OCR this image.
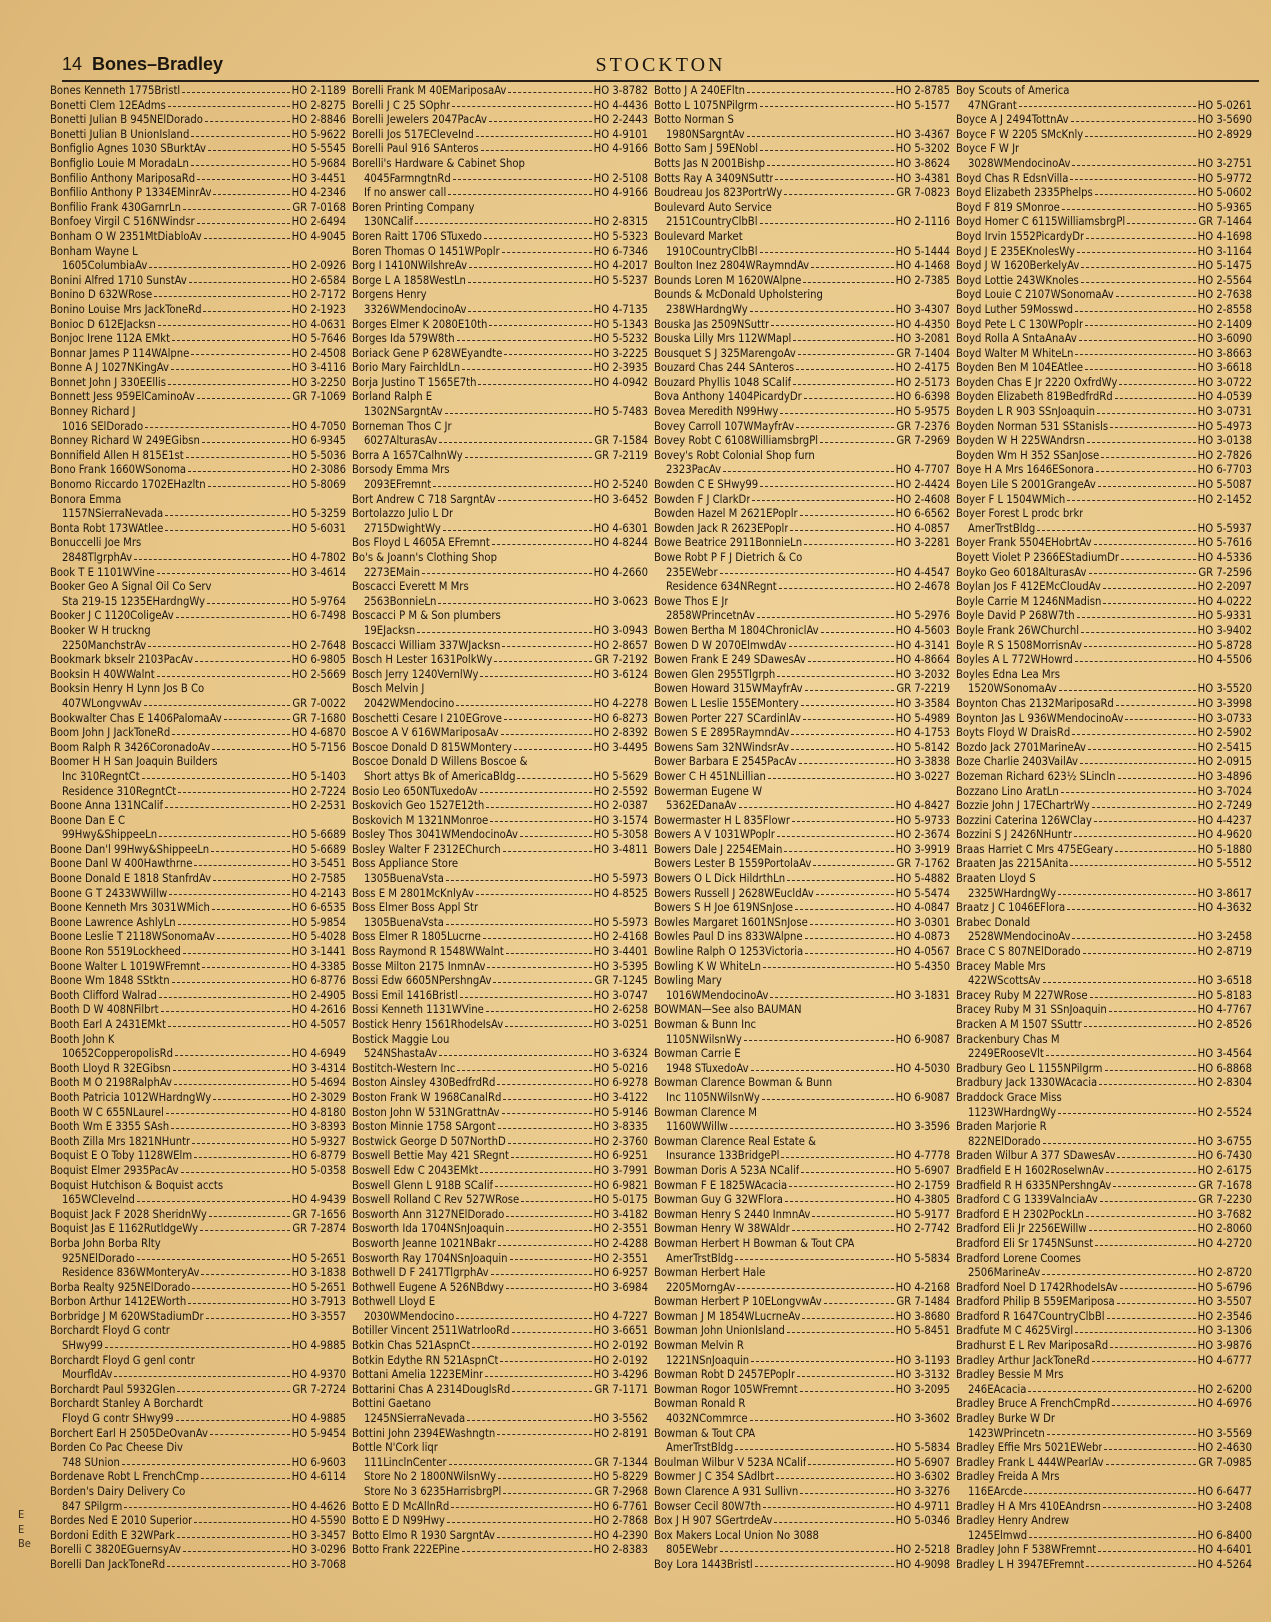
14 Bones–Bradley	STOCKTON
Bones Kenneth 1775Bristl	HO 2-1189
Bonetti Clem 12EAdms	HO 2-8275
Bonetti Julian B 945NElDorado	HO 2-8846
Bonetti Julian B UnionIsland	HO 5-9622
Bonfiglio Agnes 1030 SBurktAv	HO 5-5545
Bonfiglio Louie M MoradaLn	HO 5-9684
Bonfilio Anthony MariposaRd	HO 3-4451
Bonfilio Anthony P 1334EMinrAv	HO 4-2346
Bonfilio Frank 430GarnrLn	GR 7-0168
Bonfoey Virgil C 516NWindsr	HO 2-6494
Bonham O W 2351MtDiabloAv	HO 4-9045
Bonham Wayne L
1605ColumbiaAv	HO 2-0926
Bonini Alfred 1710 SunstAv	HO 2-6584
Bonino D 632WRose	HO 2-7172
Bonino Louise Mrs JackToneRd	HO 2-1923
Bonioc D 612EJacksn	HO 4-0631
Bonjoc Irene 112A EMkt	HO 5-7646
Bonnar James P 114WAlpne	HO 2-4508
Bonne A J 1027NKingAv	HO 3-4116
Bonnet John J 330EEllis	HO 3-2250
Bonnett Jess 959ElCaminoAv	GR 7-1069
Bonney Richard J
1016 SElDorado	HO 4-7050
Bonney Richard W 249EGibsn	HO 6-9345
Bonnifield Allen H 815E1st	HO 5-5036
Bono Frank 1660WSonoma	HO 2-3086
Bonomo Riccardo 1702EHazltn	HO 5-8069
Bonora Emma
1157NSierraNevada	HO 5-3259
Bonta Robt 173WAtlee	HO 5-6031
Bonuccelli Joe Mrs
2848TlgrphAv	HO 4-7802
Book T E 1101WVine	HO 3-4614
Booker Geo A Signal Oil Co Serv
Sta 219-15 1235EHardngWy	HO 5-9764
Booker J C 1120ColigeAv	HO 6-7498
Booker W H truckng
2250ManchstrAv	HO 2-7648
Bookmark bkselr 2103PacAv	HO 6-9805
Booksin H 40WWalnt	HO 2-5669
Booksin Henry H Lynn Jos B Co
407WLongvwAv	GR 7-0022
Bookwalter Chas E 1406PalomaAv	GR 7-1680
Boom John J JackToneRd	HO 4-6870
Boom Ralph R 3426CoronadoAv	HO 5-7156
Boomer H H San Joaquin Builders
Inc 310RegntCt	HO 5-1403
Residence 310RegntCt	HO 2-7224
Boone Anna 131NCalif	HO 2-2531
Boone Dan E C
99Hwy&ShippeeLn	HO 5-6689
Boone Dan'l 99Hwy&ShippeeLn	HO 5-6689
Boone Danl W 400Hawthrne	HO 3-5451
Boone Donald E 1818 StanfrdAv	HO 2-7585
Boone G T 2433WWillw	HO 4-2143
Boone Kenneth Mrs 3031WMich	HO 6-6535
Boone Lawrence AshlyLn	HO 5-9854
Boone Leslie T 2118WSonomaAv	HO 5-4028
Boone Ron 5519Lockheed	HO 3-1441
Boone Walter L 1019WFremnt	HO 4-3385
Boone Wm 1848 SStktn	HO 6-8776
Booth Clifford Walrad	HO 2-4905
Booth D W 408NFilbrt	HO 4-2616
Booth Earl A 2431EMkt	HO 4-5057
Booth John K
10652CopperopolisRd	HO 4-6949
Booth Lloyd R 32EGibsn	HO 3-4314
Booth M O 2198RalphAv	HO 5-4694
Booth Patricia 1012WHardngWy	HO 2-3029
Booth W C 655NLaurel	HO 4-8180
Booth Wm E 3355 SAsh	HO 3-8393
Booth Zilla Mrs 1821NHuntr	HO 5-9327
Boquist E O Toby 1128WElm	HO 6-8779
Boquist Elmer 2935PacAv	HO 5-0358
Boquist Hutchison & Boquist accts
165WClevelnd	HO 4-9439
Boquist Jack F 2028 SheridnWy	GR 7-1656
Boquist Jas E 1162RutldgeWy	GR 7-2874
Borba John Borba Rlty
925NElDorado	HO 5-2651
Residence 836WMonteryAv	HO 3-1838
Borba Realty 925NElDorado	HO 5-2651
Borbon Arthur 1412EWorth	HO 3-7913
Borbridge J M 620WStadiumDr	HO 3-3557
Borchardt Floyd G contr
SHwy99	HO 4-9885
Borchardt Floyd G genl contr
MourfldAv	HO 4-9370
Borchardt Paul 5932Glen	GR 7-2724
Borchardt Stanley A Borchardt
Floyd G contr SHwy99	HO 4-9885
Borchert Earl H 2505DeOvanAv	HO 5-9454
Borden Co Pac Cheese Div
748 SUnion	HO 6-9603
Bordenave Robt L FrenchCmp	HO 4-6114
Borden's Dairy Delivery Co
847 SPilgrm	HO 4-4626
Bordes Ned E 2010 Superior	HO 4-5590
Bordoni Edith E 32WPark	HO 3-3457
Borelli C 3820EGuernsyAv	HO 3-0296
Borelli Dan JackToneRd	HO 3-7068
Borelli Frank M 40EMariposaAv	HO 3-8782
Borelli J C 25 SOphr	HO 4-4436
Borelli Jewelers 2047PacAv	HO 2-2443
Borelli Jos 517ECleveInd	HO 4-9101
Borelli Paul 916 SAnteros	HO 4-9166
Borelli's Hardware & Cabinet Shop
4045FarmngtnRd	HO 2-5108
If no answer call	HO 4-9166
Boren Printing Company
130NCalif	HO 2-8315
Boren Raitt 1706 STuxedo	HO 5-5323
Boren Thomas O 1451WPoplr	HO 6-7346
Borg I 1410NWilshreAv	HO 4-2017
Borge L A 1858WestLn	HO 5-5237
Borgens Henry
3326WMendocinoAv	HO 4-7135
Borges Elmer K 2080E10th	HO 5-1343
Borges Ida 579W8th	HO 5-5232
Boriack Gene P 628WEyandte	HO 3-2225
Borio Mary FairchldLn	HO 2-3935
Borja Justino T 1565E7th	HO 4-0942
Borland Ralph E
1302NSargntAv	HO 5-7483
Borneman Thos C Jr
6027AlturasAv	GR 7-1584
Borra A 1657CalhnWy	GR 7-2119
Borsody Emma Mrs
2093EFremnt	HO 2-5240
Bort Andrew C 718 SargntAv	HO 3-6452
Bortolazzo Julio L Dr
2715DwightWy	HO 4-6301
Bos Floyd L 4605A EFremnt	HO 4-8244
Bo's & Joann's Clothing Shop
2273EMain	HO 4-2660
Boscacci Everett M Mrs
2563BonnieLn	HO 3-0623
Boscacci P M & Son plumbers
19EJacksn	HO 3-0943
Boscacci William 337WJacksn	HO 2-8657
Bosch H Lester 1631PolkWy	GR 7-2192
Bosch Jerry 1240VernlWy	HO 3-6124
Bosch Melvin J
2042WMendocino	HO 4-2278
Boschetti Cesare I 210EGrove	HO 6-8273
Boscoe A V 616WMariposaAv	HO 2-8392
Boscoe Donald D 815WMontery	HO 3-4495
Boscoe Donald D Willens Boscoe &
Short attys Bk of AmericaBldg	HO 5-5629
Bosio Leo 650NTuxedoAv	HO 2-5592
Boskovich Geo 1527E12th	HO 2-0387
Boskovich M 1321NMonroe	HO 3-1574
Bosley Thos 3041WMendocinoAv	HO 5-3058
Bosley Walter F 2312EChurch	HO 3-4811
Boss Appliance Store
1305BuenaVsta	HO 5-5973
Boss E M 2801McKnlyAv	HO 4-8525
Boss Elmer Boss Appl Str
1305BuenaVsta	HO 5-5973
Boss Elmer R 1805Lucrne	HO 2-4168
Boss Raymond R 1548WWalnt	HO 3-4401
Bosse Milton 2175 InmnAv	HO 3-5395
Bossi Edw 6605NPershngAv	GR 7-1245
Bossi Emil 1416Bristl	HO 3-0747
Bossi Kenneth 1131WVine	HO 2-6258
Bostick Henry 1561RhodeIsAv	HO 3-0251
Bostick Maggie Lou
524NShastaAv	HO 3-6324
Bostitch-Western Inc	HO 5-0216
Boston Ainsley 430BedfrdRd	HO 6-9278
Boston Frank W 1968CanalRd	HO 3-4122
Boston John W 531NGrattnAv	HO 5-9146
Boston Minnie 1758 SArgont	HO 3-8335
Bostwick George D 507NorthD	HO 2-3760
Boswell Bettie May 421 SRegnt	HO 6-9251
Boswell Edw C 2043EMkt	HO 3-7991
Boswell Glenn L 918B SCalif	HO 6-9821
Boswell Rolland C Rev 527WRose	HO 5-0175
Bosworth Ann 3127NElDorado	HO 3-4182
Bosworth Ida 1704NSnJoaquin	HO 2-3551
Bosworth Jeanne 1021NBakr	HO 2-4288
Bosworth Ray 1704NSnJoaquin	HO 2-3551
Bothwell D F 2417TlgrphAv	HO 6-9257
Bothwell Eugene A 526NBdwy	HO 3-6984
Bothwell Lloyd E
2030WMendocino	HO 4-7227
Botiller Vincent 2511WatrlooRd	HO 3-6651
Botkin Chas 521AspnCt	HO 2-0192
Botkin Edythe RN 521AspnCt	HO 2-0192
Bottani Amelia 1223EMinr	HO 3-4296
Bottarini Chas A 2314DouglsRd	GR 7-1171
Bottini Gaetano
1245NSierraNevada	HO 3-5562
Bottini John 2394EWashngtn	HO 2-8191
Bottle N'Cork liqr
111LinclnCenter	GR 7-1344
Store No 2 1800NWilsnWy	HO 5-8229
Store No 3 6235HarrisbrgPl	GR 7-2968
Botto E D McAllnRd	HO 6-7761
Botto E D N99Hwy	HO 2-7868
Botto Elmo R 1930 SargntAv	HO 4-2390
Botto Frank 222EPine	HO 2-8383
Botto J A 240EFltn	HO 2-8785
Botto L 1075NPilgrm	HO 5-1577
Botto Norman S
1980NSargntAv	HO 3-4367
Botto Sam J 59ENobl	HO 5-3202
Botts Jas N 2001Bishp	HO 3-8624
Botts Ray A 3409NSuttr	HO 3-4381
Boudreau Jos 823PortrWy	GR 7-0823
Boulevard Auto Service
2151CountryClbBl	HO 2-1116
Boulevard Market
1910CountryClbBl	HO 5-1444
Boulton Inez 2804WRaymndAv	HO 4-1468
Bounds Loren M 1620WAlpne	HO 2-7385
Bounds & McDonald Upholstering
238WHardngWy	HO 3-4307
Bouska Jas 2509NSuttr	HO 4-4350
Bouska Lilly Mrs 112WMapl	HO 3-2081
Bousquet S J 325MarengoAv	GR 7-1404
Bouzard Chas 244 SAnteros	HO 2-4175
Bouzard Phyllis 1048 SCalif	HO 2-5173
Bova Anthony 1404PicardyDr	HO 6-6398
Bovea Meredith N99Hwy	HO 5-9575
Bovey Carroll 107WMayfrAv	GR 7-2376
Bovey Robt C 6108WilliamsbrgPl	GR 7-2969
Bovey's Robt Colonial Shop furn
2323PacAv	HO 4-7707
Bowden C E SHwy99	HO 2-4424
Bowden F J ClarkDr	HO 2-4608
Bowden Hazel M 2621EPoplr	HO 6-6562
Bowden Jack R 2623EPoplr	HO 4-0857
Bowe Beatrice 2911BonnieLn	HO 3-2281
Bowe Robt P F J Dietrich & Co
235EWebr	HO 4-4547
Residence 634NRegnt	HO 2-4678
Bowe Thos E Jr
2858WPrincetnAv	HO 5-2976
Bowen Bertha M 1804ChroniclAv	HO 4-5603
Bowen D W 2070ElmwdAv	HO 4-3141
Bowen Frank E 249 SDawesAv	HO 4-8664
Bowen Glen 2955Tlgrph	HO 3-2032
Bowen Howard 315WMayfrAv	GR 7-2219
Bowen L Leslie 155EMontery	HO 3-3584
Bowen Porter 227 SCardinlAv	HO 5-4989
Bowen S E 2895RaymndAv	HO 4-1753
Bowens Sam 32NWindsrAv	HO 5-8142
Bower Barbara E 2545PacAv	HO 3-3838
Bower C H 451NLillian	HO 3-0227
Bowerman Eugene W
5362EDanaAv	HO 4-8427
Bowermaster H L 835Flowr	HO 5-9733
Bowers A V 1031WPoplr	HO 2-3674
Bowers Dale J 2254EMain	HO 3-9919
Bowers Lester B 1559PortolaAv	GR 7-1762
Bowers O L Dick HildrthLn	HO 5-4882
Bowers Russell J 2628WEucldAv	HO 5-5474
Bowers S H Joe 619NSnJose	HO 4-0847
Bowles Margaret 1601NSnJose	HO 3-0301
Bowles Paul D ins 833WAlpne	HO 4-0873
Bowline Ralph O 1253Victoria	HO 4-0567
Bowling K W WhiteLn	HO 5-4350
Bowling Mary
1016WMendocinoAv	HO 3-1831
BOWMAN—See also BAUMAN
Bowman & Bunn Inc
1105NWilsnWy	HO 6-9087
Bowman Carrie E
1948 STuxedoAv	HO 4-5030
Bowman Clarence Bowman & Bunn
Inc 1105NWilsnWy	HO 6-9087
Bowman Clarence M
1160WWillw	HO 3-3596
Bowman Clarence Real Estate &
Insurance 133BridgePl	HO 4-7778
Bowman Doris A 523A NCalif	HO 5-6907
Bowman F E 1825WAcacia	HO 2-1759
Bowman Guy G 32WFlora	HO 4-3805
Bowman Henry S 2440 InmnAv	HO 5-9177
Bowman Henry W 38WAldr	HO 2-7742
Bowman Herbert H Bowman & Tout CPA
AmerTrstBldg	HO 5-5834
Bowman Herbert Hale
2205MorngAv	HO 4-2168
Bowman Herbert P 10ELongvwAv	GR 7-1484
Bowman J M 1854WLucrneAv	HO 3-8680
Bowman John UnionIsland	HO 5-8451
Bowman Melvin R
1221NSnJoaquin	HO 3-1193
Bowman Robt D 2457EPoplr	HO 3-3132
Bowman Rogor 105WFremnt	HO 3-2095
Bowman Ronald R
4032NCommrce	HO 3-3602
Bowman & Tout CPA
AmerTrstBldg	HO 5-5834
Boulman Wilbur V 523A NCalif	HO 5-6907
Bowmer J C 354 SAdlbrt	HO 3-6302
Bown Clarence A 931 Sullivn	HO 3-3276
Bowser Cecil 80W7th	HO 4-9711
Box J H 907 SGertrdeAv	HO 5-0346
Box Makers Local Union No 3088
805EWebr	HO 2-5218
Boy Lora 1443Bristl	HO 4-9098
Boy Scouts of America
47NGrant	HO 5-0261
Boyce A J 2494TottnAv	HO 3-5690
Boyce F W 2205 SMcKnly	HO 2-8929
Boyce F W Jr
3028WMendocinoAv	HO 3-2751
Boyd Chas R EdsnVilla	HO 5-9772
Boyd Elizabeth 2335Phelps	HO 5-0602
Boyd F 819 SMonroe	HO 5-9365
Boyd Homer C 6115WilliamsbrgPl	GR 7-1464
Boyd Irvin 1552PicardyDr	HO 4-1698
Boyd J E 235EKnolesWy	HO 3-1164
Boyd J W 1620BerkelyAv	HO 5-1475
Boyd Lottie 243WKnoles	HO 2-5564
Boyd Louie C 2107WSonomaAv	HO 2-7638
Boyd Luther 59Mosswd	HO 2-8558
Boyd Pete L C 130WPoplr	HO 2-1409
Boyd Rolla A SntaAnaAv	HO 3-6090
Boyd Walter M WhiteLn	HO 3-8663
Boyden Ben M 104EAtlee	HO 3-6618
Boyden Chas E Jr 2220 OxfrdWy	HO 3-0722
Boyden Elizabeth 819BedfrdRd	HO 4-0539
Boyden L R 903 SSnJoaquin	HO 3-0731
Boyden Norman 531 SStanisls	HO 5-4973
Boyden W H 225WAndrsn	HO 3-0138
Boyden Wm H 352 SSanJose	HO 2-7826
Boye H A Mrs 1646ESonora	HO 6-7703
Boyen Lile S 2001GrangeAv	HO 5-5087
Boyer F L 1504WMich	HO 2-1452
Boyer Forest L prodc brkr
AmerTrstBldg	HO 5-5937
Boyer Frank 5504EHobrtAv	HO 5-7616
Boyett Violet P 2366EStadiumDr	HO 4-5336
Boyko Geo 6018AlturasAv	GR 7-2596
Boylan Jos F 412EMcCloudAv	HO 2-2097
Boyle Carrie M 1246NMadisn	HO 4-0222
Boyle David P 268W7th	HO 5-9331
Boyle Frank 26WChurchl	HO 3-9402
Boyle R S 1508MorrisnAv	HO 5-8728
Boyles A L 772WHowrd	HO 4-5506
Boyles Edna Lea Mrs
1520WSonomaAv	HO 3-5520
Boynton Chas 2132MariposaRd	HO 3-3998
Boynton Jas L 936WMendocinoAv	HO 3-0733
Boyts Floyd W DraisRd	HO 2-5902
Bozdo Jack 2701MarineAv	HO 2-5415
Boze Charlie 2403VailAv	HO 2-0915
Bozeman Richard 623½ SLincln	HO 3-4896
Bozzano Lino AratLn	HO 3-7024
Bozzie John J 17EChartrWy	HO 2-7249
Bozzini Caterina 126WClay	HO 4-4237
Bozzini S J 2426NHuntr	HO 4-9620
Braas Harriet C Mrs 475EGeary	HO 5-1880
Braaten Jas 2215Anita	HO 5-5512
Braaten Lloyd S
2325WHardngWy	HO 3-8617
Braatz J C 1046EFlora	HO 4-3632
Brabec Donald
2528WMendocinoAv	HO 3-2458
Brace C S 807NElDorado	HO 2-8719
Bracey Mable Mrs
422WScottsAv	HO 3-6518
Bracey Ruby M 227WRose	HO 5-8183
Bracey Ruby M 31 SSnJoaquin	HO 4-7767
Bracken A M 1507 SSuttr	HO 2-8526
Brackenbury Chas M
2249ERooseVlt	HO 3-4564
Bradbury Geo L 1155NPilgrm	HO 6-8868
Bradbury Jack 1330WAcacia	HO 2-8304
Braddock Grace Miss
1123WHardngWy	HO 2-5524
Braden Marjorie R
822NElDorado	HO 3-6755
Braden Wilbur A 377 SDawesAv	HO 6-7430
Bradfield E H 1602RoselwnAv	HO 2-6175
Bradfield R H 6335NPershngAv	GR 7-1678
Bradford C G 1339ValnciaAv	GR 7-2230
Bradford E H 2302PockLn	HO 3-7682
Bradford Eli Jr 2256EWillw	HO 2-8060
Bradford Eli Sr 1745NSunst	HO 4-2720
Bradford Lorene Coomes
2506MarineAv	HO 2-8720
Bradford Noel D 1742RhodeIsAv	HO 5-6796
Bradford Philip B 559EMariposa	HO 3-5507
Bradford R 1647CountryClbBl	HO 2-3546
Bradfute M C 4625Virgl	HO 3-1306
Bradhurst E L Rev MariposaRd	HO 3-9876
Bradley Arthur JackToneRd	HO 4-6777
Bradley Bessie M Mrs
246EAcacia	HO 2-6200
Bradley Bruce A FrenchCmpRd	HO 4-6976
Bradley Burke W Dr
1423WPrincetn	HO 3-5569
Bradley Effie Mrs 5021EWebr	HO 2-4630
Bradley Frank L 444WPearlAv	GR 7-0985
Bradley Freida A Mrs
116EArcde	HO 6-6477
Bradley H A Mrs 410EAndrsn	HO 3-2408
Bradley Henry Andrew
1245Elmwd	HO 6-8400
Bradley John F 538WFremnt	HO 4-6401
Bradley L H 3947EFremnt	HO 4-5264
E
E
Be
